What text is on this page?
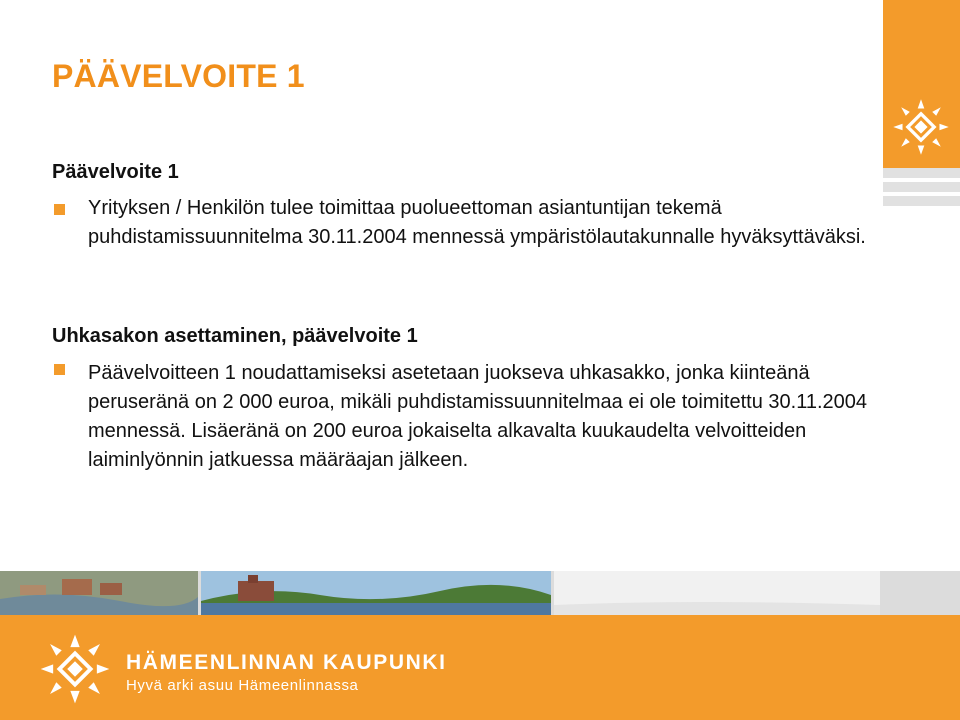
PÄÄVELVOITE 1
Päävelvoite 1

Yrityksen / Henkilön tulee toimittaa puolueettoman asiantuntijan tekemä puhdistamissuunnitelma 30.11.2004 mennessä ympäristölautakunnalle hyväksyttäväksi.

Uhkasakon asettaminen, päävelvoite 1

Päävelvoitteen 1 noudattamiseksi asetetaan juokseva uhkasakko, jonka kiinteänä peruseränä on 2 000 euroa, mikäli puhdistamissuunnitelmaa ei ole toimitettu 30.11.2004 mennessä. Lisäeränä on 200 euroa jokaiselta alkavalta kuukaudelta velvoitteiden laiminlyönnin jatkuessa määräajan jälkeen.

HÄMEENLINNAN KAUPUNKI

Hyvä arki asuu Hämeenlinnassa
